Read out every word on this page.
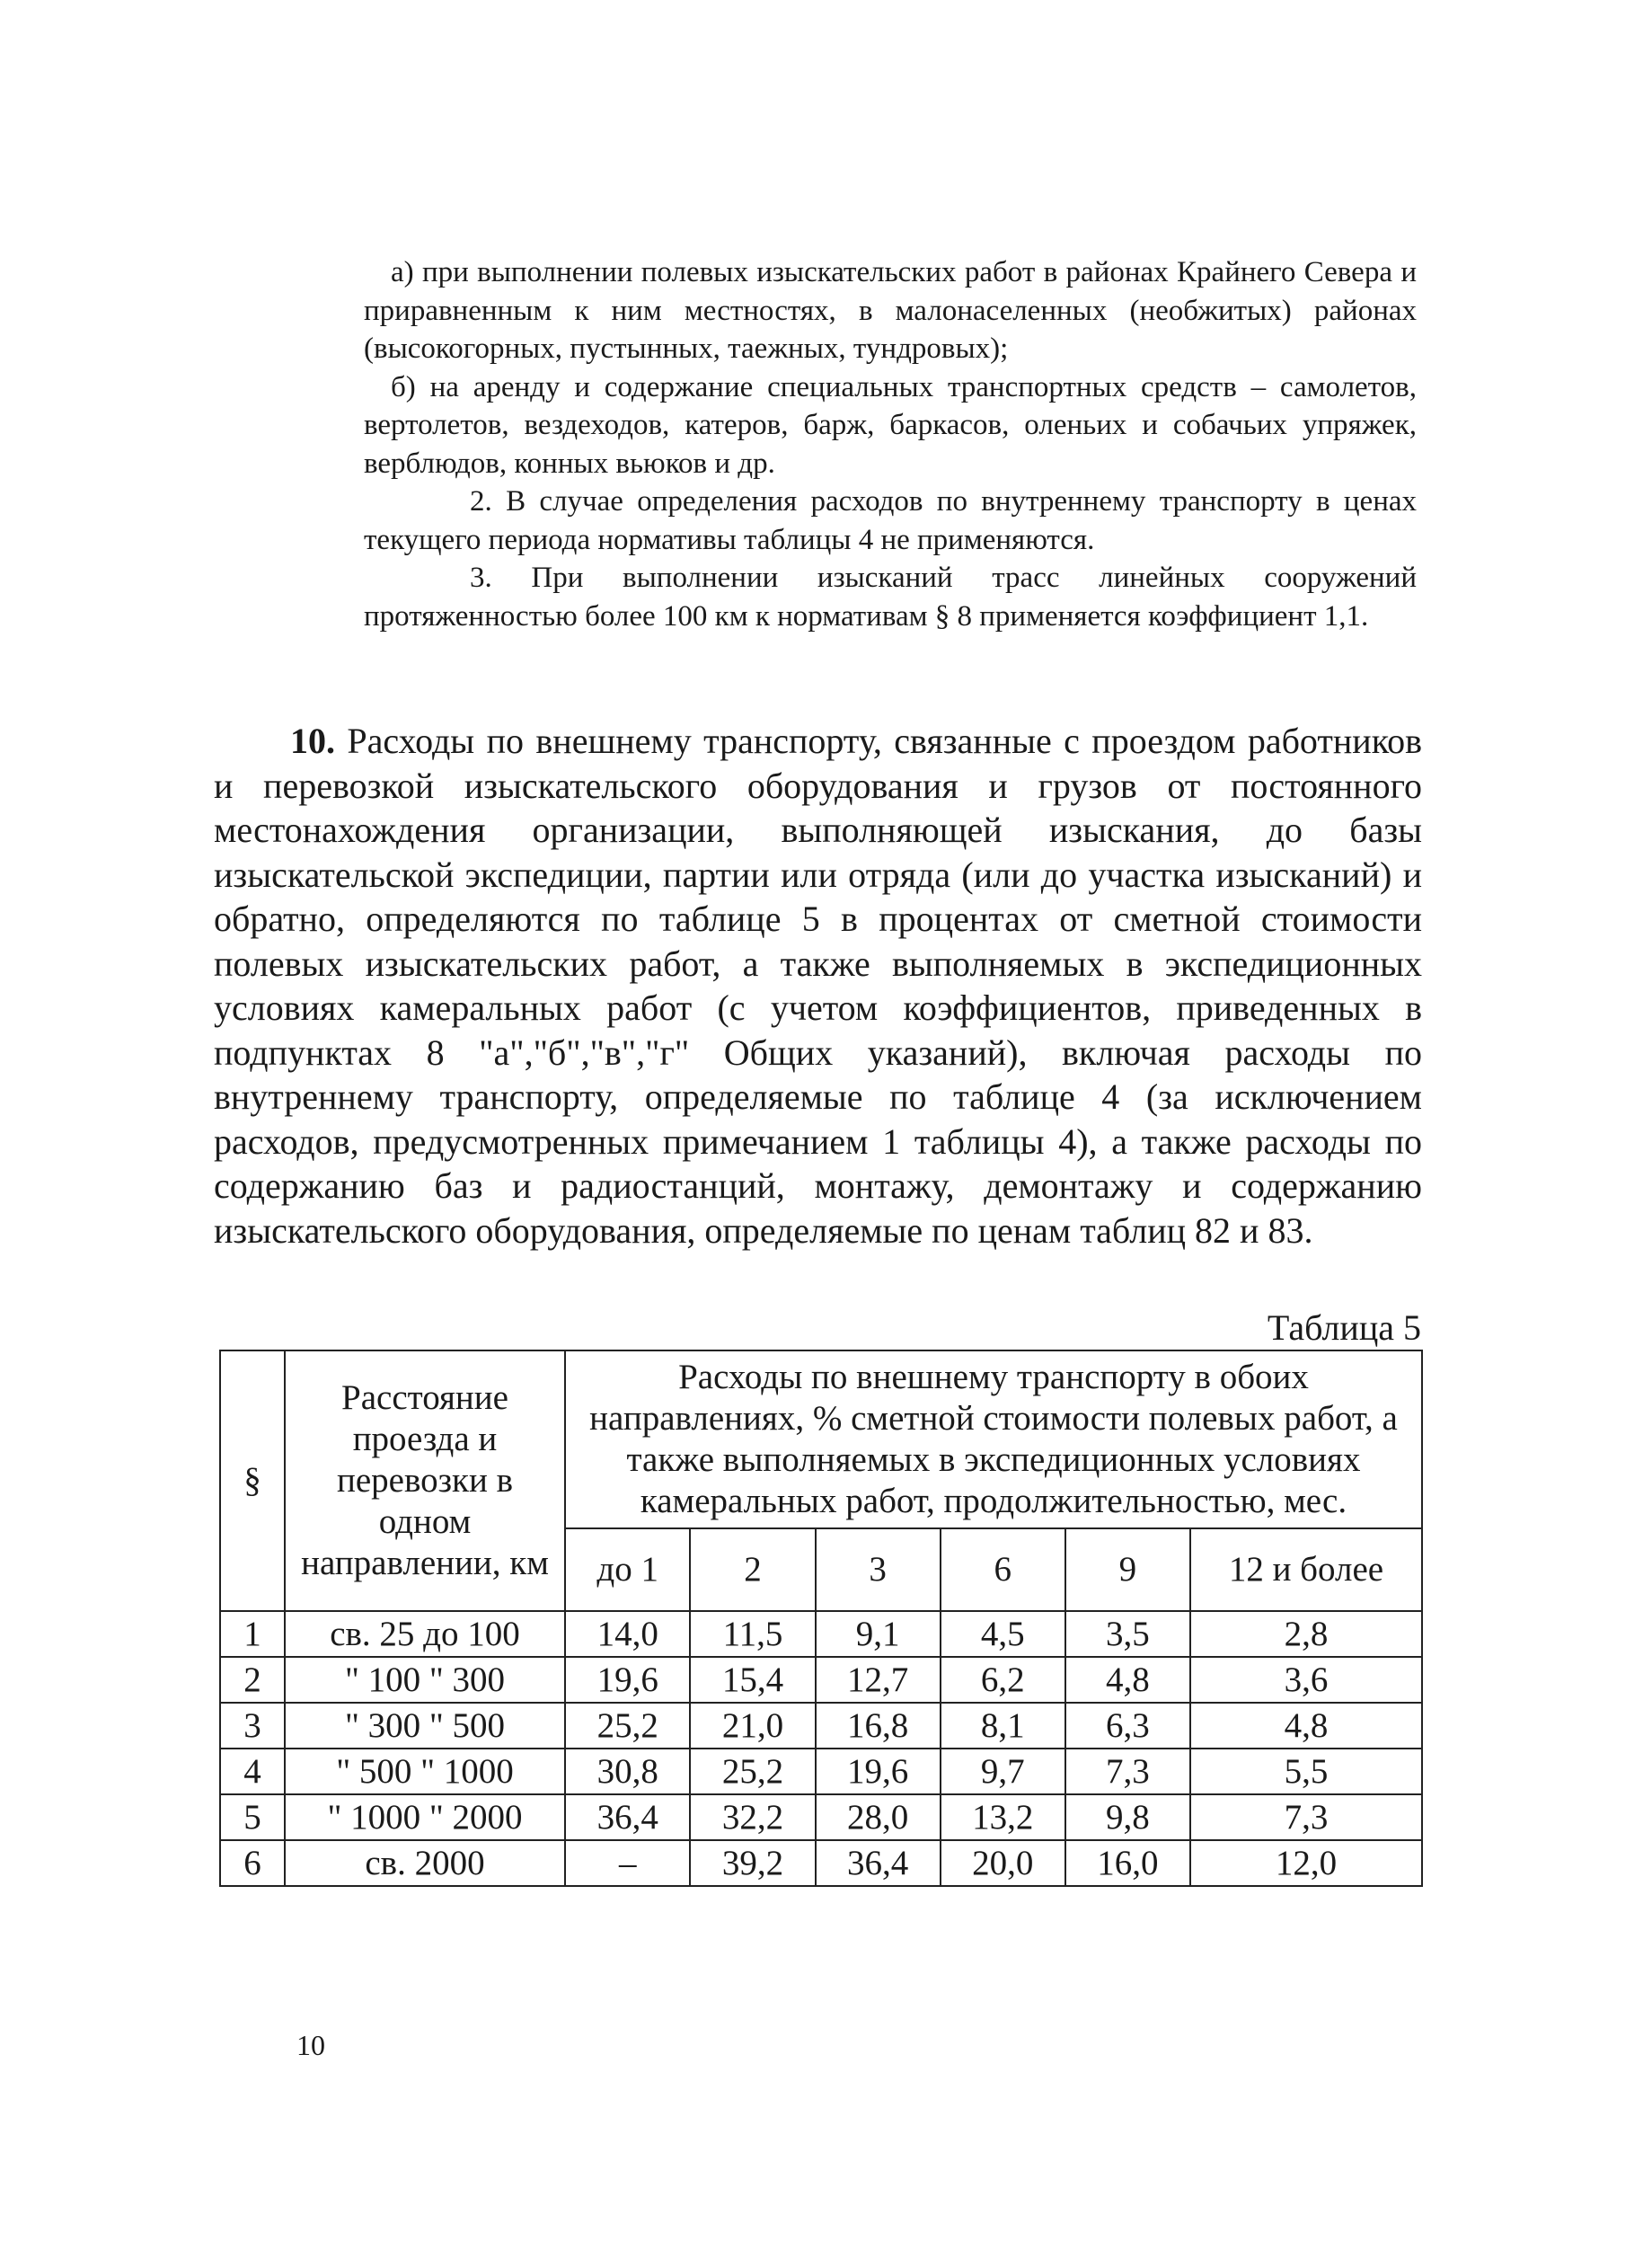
а) при выполнении полевых изыскательских работ в районах Крайнего Севера и приравненным к ним местностях, в малонаселенных (необжитых) районах (высокогорных, пустынных, таежных, тундровых);

б) на аренду и содержание специальных транспортных средств – самолетов, вертолетов, вездеходов, катеров, барж, баркасов, оленьих и собачьих упряжек, верблюдов, конных вьюков и др.

2. В случае определения расходов по внутреннему транспорту в ценах текущего периода нормативы таблицы 4 не применяются.

3. При выполнении изысканий трасс линейных сооружений протяженностью более 100 км к нормативам § 8 применяется коэффициент 1,1.

10. Расходы по внешнему транспорту, связанные с проездом работников и перевозкой изыскательского оборудования и грузов от постоянного местонахождения организации, выполняющей изыскания, до базы изыскательской экспедиции, партии или отряда (или до участка изысканий) и обратно, определяются по таблице 5 в процентах от сметной стоимости полевых изыскательских работ, а также выполняемых в экспедиционных условиях камеральных работ (с учетом коэффициентов, приведенных в подпунктах 8 "а","б","в","г" Общих указаний), включая расходы по внутреннему транспорту, определяемые по таблице 4 (за исключением расходов, предусмотренных примечанием 1 таблицы 4), а также расходы по содержанию баз и радиостанций, монтажу, демонтажу и содержанию изыскательского оборудования, определяемые по ценам таблиц 82 и 83.

Таблица 5
§	Расстояние проезда и перевозки в одном направлении, км	Расходы по внешнему транспорту в обоих направлениях, % сметной стоимости полевых работ, а также выполняемых в экспедиционных условиях камеральных работ, продолжительностью, мес.					
		до 1	2	3	6	9	12 и более
1	св. 25 до 100	14,0	11,5	9,1	4,5	3,5	2,8
2	" 100 " 300	19,6	15,4	12,7	6,2	4,8	3,6
3	" 300 " 500	25,2	21,0	16,8	8,1	6,3	4,8
4	" 500 " 1000	30,8	25,2	19,6	9,7	7,3	5,5
5	" 1000 " 2000	36,4	32,2	28,0	13,2	9,8	7,3
6	св. 2000	–	39,2	36,4	20,0	16,0	12,0
10
